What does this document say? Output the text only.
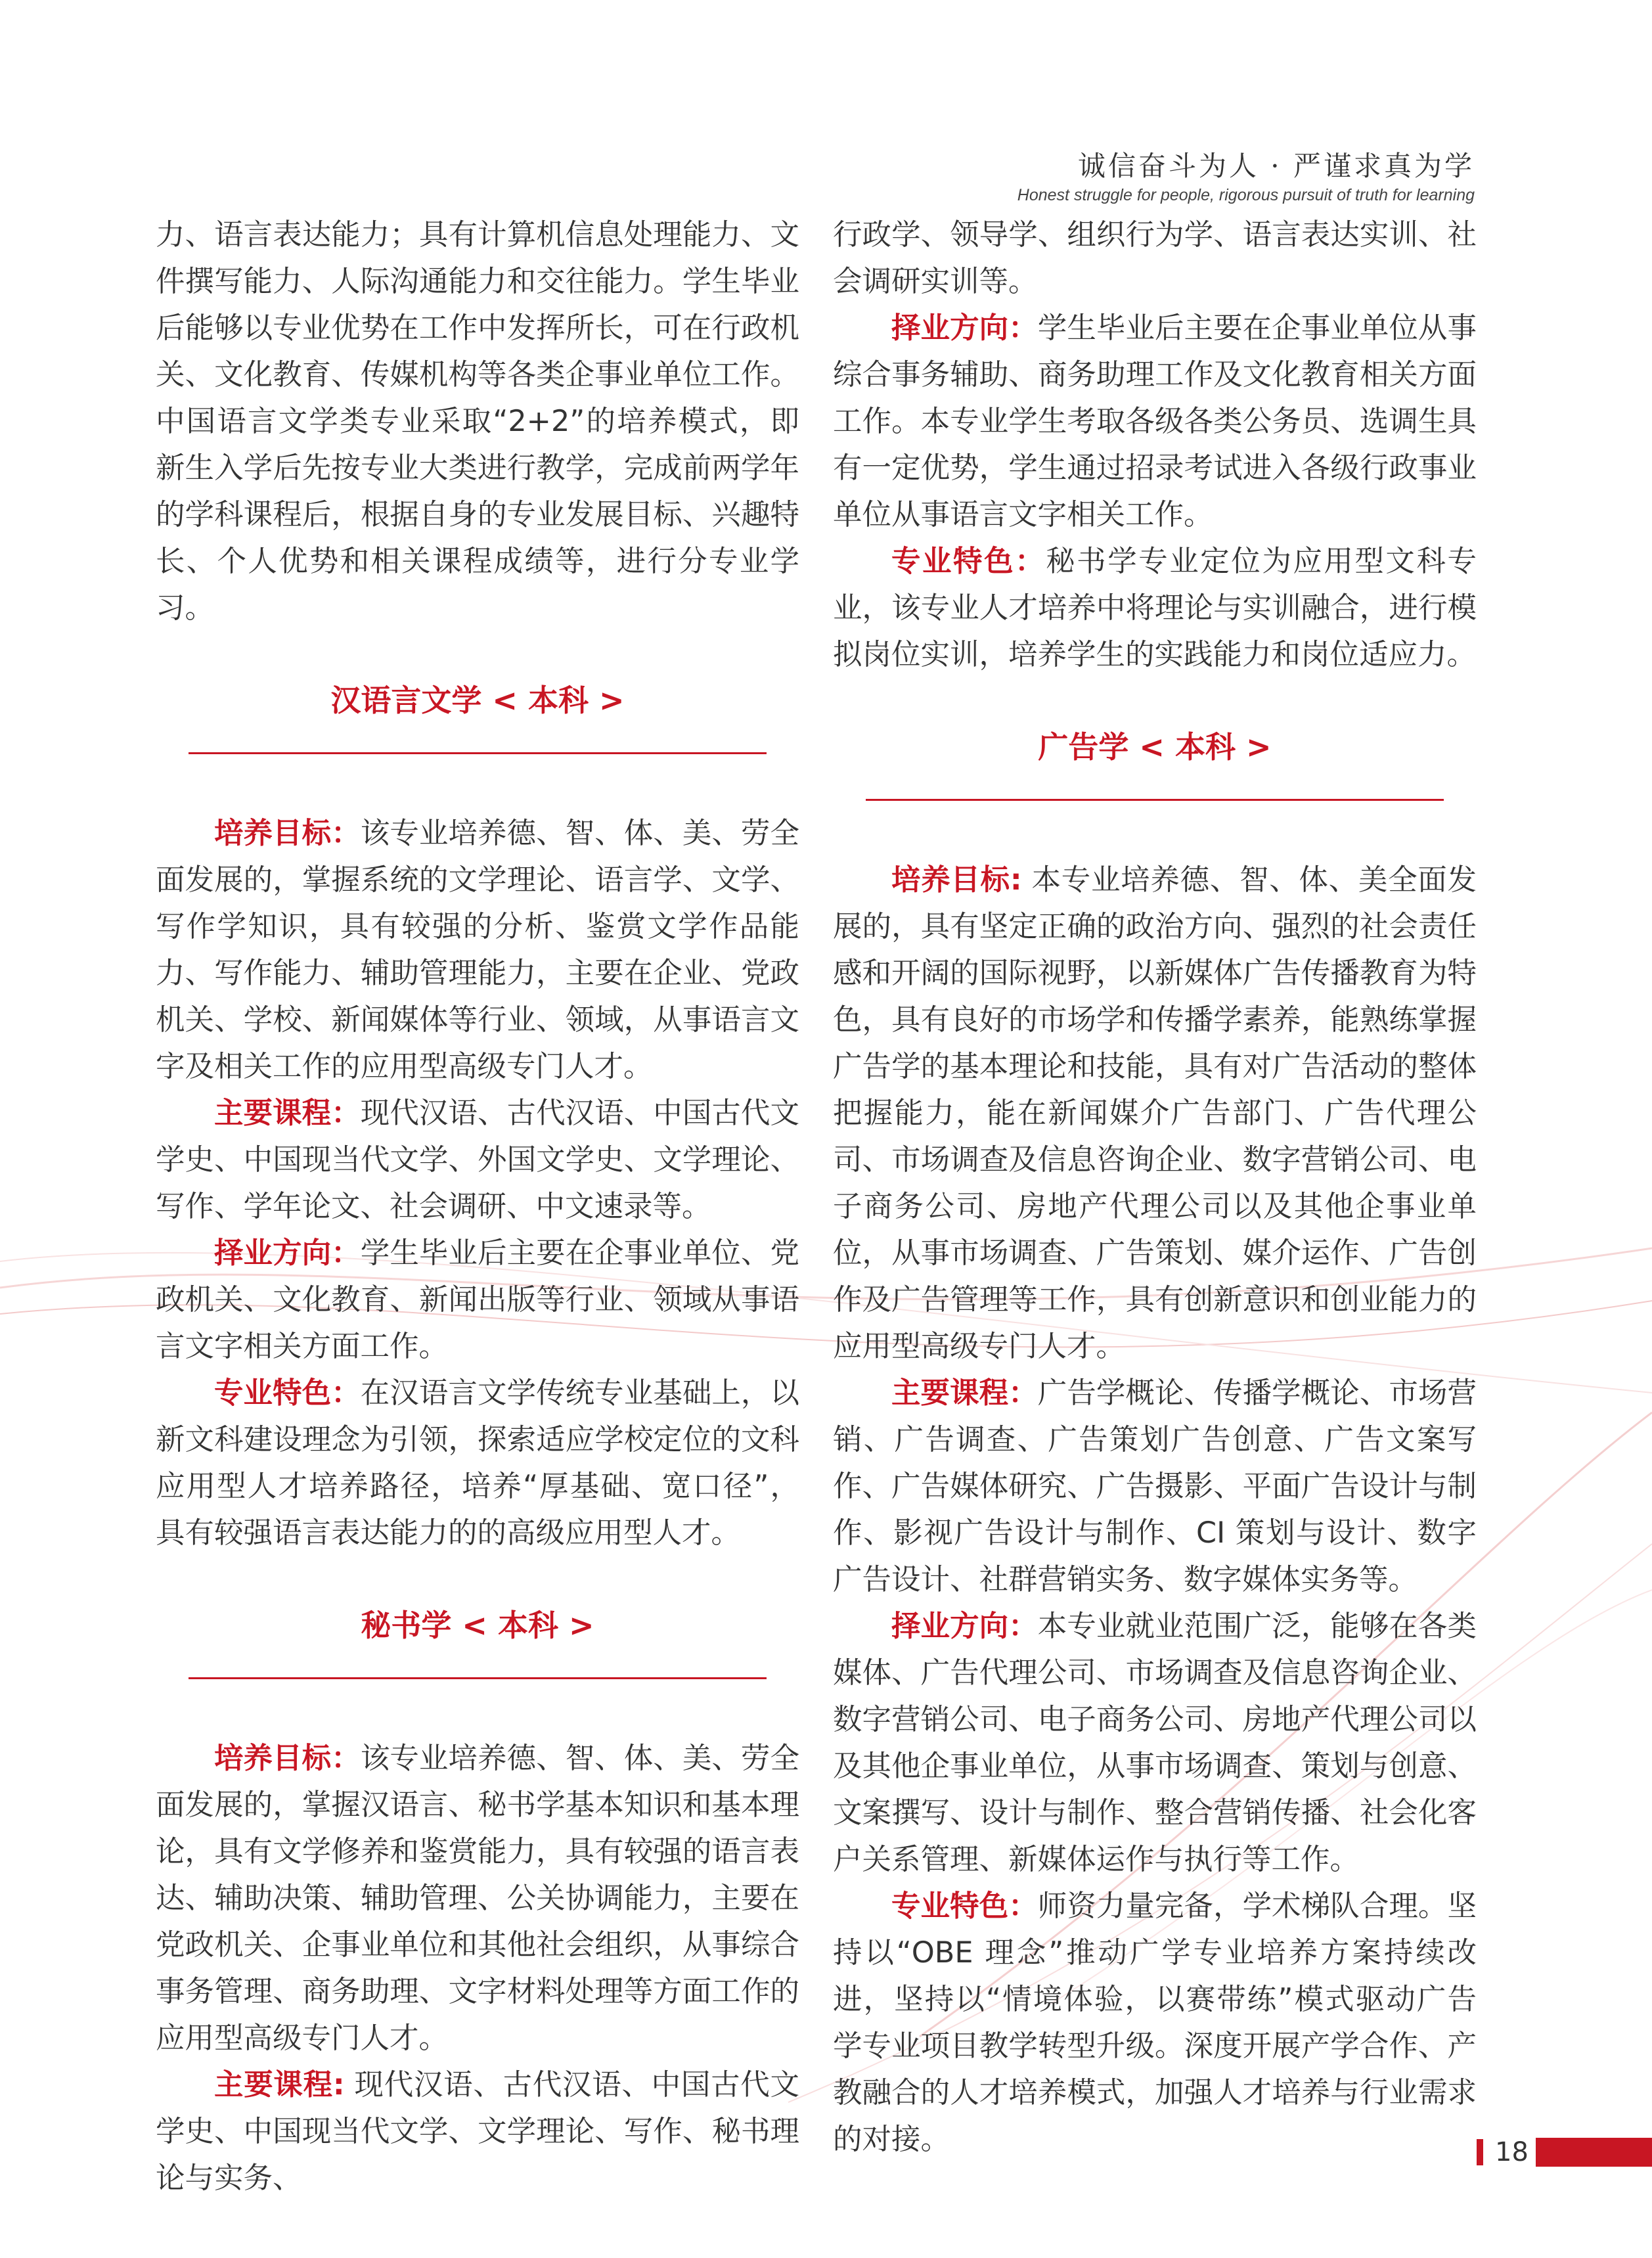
诚信奋斗为人 · 严谨求真为学
Honest struggle for people, rigorous pursuit of truth for learning

力、语言表达能力；具有计算机信息处理能力、文件撰写能力、人际沟通能力和交往能力。学生毕业后能够以专业优势在工作中发挥所长，可在行政机关、文化教育、传媒机构等各类企事业单位工作。中国语言文学类专业采取“2+2”的培养模式，即新生入学后先按专业大类进行教学，完成前两学年的学科课程后，根据自身的专业发展目标、兴趣特长、个人优势和相关课程成绩等，进行分专业学习。

汉语言文学 < 本科 >

培养目标：该专业培养德、智、体、美、劳全面发展的，掌握系统的文学理论、语言学、文学、写作学知识，具有较强的分析、鉴赏文学作品能力、写作能力、辅助管理能力，主要在企业、党政机关、学校、新闻媒体等行业、领域，从事语言文字及相关工作的应用型高级专门人才。

主要课程：现代汉语、古代汉语、中国古代文学史、中国现当代文学、外国文学史、文学理论、写作、学年论文、社会调研、中文速录等。

择业方向：学生毕业后主要在企事业单位、党政机关、文化教育、新闻出版等行业、领域从事语言文字相关方面工作。

专业特色：在汉语言文学传统专业基础上，以新文科建设理念为引领，探索适应学校定位的文科应用型人才培养路径，培养“厚基础、宽口径”，具有较强语言表达能力的的高级应用型人才。

秘书学 < 本科 >

培养目标：该专业培养德、智、体、美、劳全面发展的，掌握汉语言、秘书学基本知识和基本理论，具有文学修养和鉴赏能力，具有较强的语言表达、辅助决策、辅助管理、公关协调能力，主要在党政机关、企事业单位和其他社会组织，从事综合事务管理、商务助理、文字材料处理等方面工作的应用型高级专门人才。

主要课程: 现代汉语、古代汉语、中国古代文学史、中国现当代文学、文学理论、写作、秘书理论与实务、

行政学、领导学、组织行为学、语言表达实训、社会调研实训等。

择业方向：学生毕业后主要在企事业单位从事综合事务辅助、商务助理工作及文化教育相关方面工作。本专业学生考取各级各类公务员、选调生具有一定优势，学生通过招录考试进入各级行政事业单位从事语言文字相关工作。

专业特色：秘书学专业定位为应用型文科专业，该专业人才培养中将理论与实训融合，进行模拟岗位实训，培养学生的实践能力和岗位适应力。

广告学 < 本科 >

培养目标: 本专业培养德、智、体、美全面发展的，具有坚定正确的政治方向、强烈的社会责任感和开阔的国际视野，以新媒体广告传播教育为特色，具有良好的市场学和传播学素养，能熟练掌握广告学的基本理论和技能，具有对广告活动的整体把握能力，能在新闻媒介广告部门、广告代理公司、市场调查及信息咨询企业、数字营销公司、电子商务公司、房地产代理公司以及其他企事业单位，从事市场调查、广告策划、媒介运作、广告创作及广告管理等工作，具有创新意识和创业能力的应用型高级专门人才。

主要课程：广告学概论、传播学概论、市场营销、广告调查、广告策划广告创意、广告文案写作、广告媒体研究、广告摄影、平面广告设计与制作、影视广告设计与制作、CI 策划与设计、数字广告设计、社群营销实务、数字媒体实务等。

择业方向：本专业就业范围广泛，能够在各类媒体、广告代理公司、市场调查及信息咨询企业、数字营销公司、电子商务公司、房地产代理公司以及其他企事业单位，从事市场调查、策划与创意、文案撰写、设计与制作、整合营销传播、社会化客户关系管理、新媒体运作与执行等工作。

专业特色：师资力量完备，学术梯队合理。坚持以“OBE 理念”推动广学专业培养方案持续改进，坚持以“情境体验，以赛带练”模式驱动广告学专业项目教学转型升级。深度开展产学合作、产教融合的人才培养模式，加强人才培养与行业需求的对接。	18
